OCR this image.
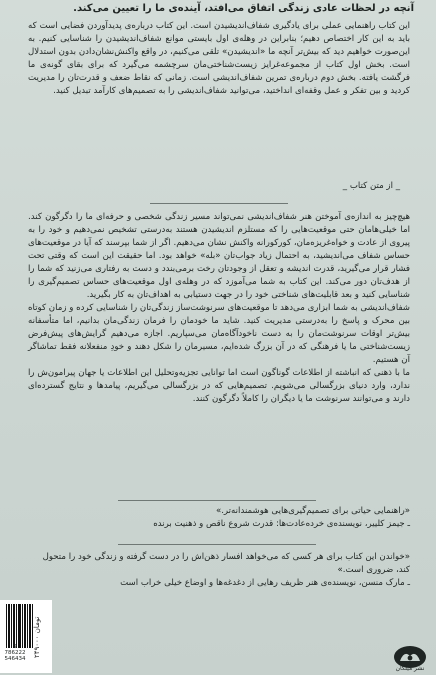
آنچه در لحظات عادی زندگی اتفاق می‌افتد، آینده‌ی ما را تعیین می‌کند.

این کتاب راهنمایی عملی برای یادگیری شفاف‌اندیشیدن است. این کتاب درباره‌ی پدیدآوردن فضایی است که باید به این کار اختصاص دهیم؛ بنابراین در وهله‌ی اول بایستی موانع شفاف‌اندیشیدن را شناسایی کنیم. به این‌صورت خواهیم دید که بیش‌تر آنچه ما «اندیشیدن» تلقی می‌کنیم، در واقع واکنش‌نشان‌دادن بدون استدلال است. بخش اول کتاب از مجموعه‌غرایز زیست‌شناختی‌مان سرچشمه می‌گیرد که برای بقای گونه‌ی ما فرگشت یافته. بخش دوم درباره‌ی تمرین شفاف‌اندیشی است. زمانی که نقاط ضعف و قدرت‌تان را مدیریت کردید و بین تفکر و عمل وقفه‌ای انداختید، می‌توانید شفاف‌اندیشی را به تصمیم‌های کارآمد تبدیل کنید.

_ از متن کتاب _

هیچ‌چیز به اندازه‌ی آموختن هنر شفاف‌اندیشی نمی‌تواند مسیر زندگی شخصی و حرفه‌ای ما را دگرگون کند. اما خیلی‌ها‌مان حتی موقعیت‌هایی را که مستلزم اندیشیدن هستند به‌درستی تشخیص نمی‌دهیم و خود را به پیروی از عادت و خواه‌غریزه‌مان، کورکورانه واکنش نشان می‌دهیم. اگر از شما بپرسند که آیا در موقعیت‌های حساس شفاف می‌اندیشید، به احتمال زیاد جواب‌تان «بله» خواهد بود. اما حقیقت این است که وقتی تحت فشار قرار می‌گیرید، قدرت اندیشه و تعقل از وجودتان رخت برمی‌بندد و دست به رفتاری می‌زنید که شما را از هدف‌تان دور می‌کند. این کتاب به شما می‌آموزد که در وهله‌ی اول موقعیت‌های حساس تصمیم‌گیری را شناسایی کنید و بعد قابلیت‌های شناختی خود را در جهت دستیابی به اهداف‌تان به کار بگیرید.

شفاف‌اندیشی به شما ابزاری می‌دهد تا موقعیت‌های سرنوشت‌ساز زندگی‌تان را شناسایی کرده و زمان کوتاه بین محرک و پاسخ را به‌درستی مدیریت کنید. شاید ما خودمان را فرمان زندگی‌مان بدانیم، اما متأسفانه بیش‌تر اوقات سرنوشت‌مان را به دست ناخودآگاه‌مان می‌سپاریم. اجازه می‌دهیم گرایش‌های پیش‌فرض زیست‌شناختی ما یا فرهنگی که در آن بزرگ شده‌ایم، مسیرمان را شکل دهند و خودِ منفعلانه فقط تماشاگر آن هستیم.

ما با ذهنی که انباشته از اطلاعات گوناگون است اما توانایی تجزیه‌وتحلیل این اطلاعات یا جهان پیرامون‌ش را ندارد، وارد دنیای بزرگسالی می‌شویم. تصمیم‌هایی که در بزرگسالی می‌گیریم، پیامدها و نتایج گسترده‌ای دارند و می‌توانند سرنوشت ما یا دیگران را کاملاً دگرگون کنند.

«راهنمایی حیاتی برای تصمیم‌گیری‌هایی هوشمندانه‌تر.»

ـ جیمز کلییر، نویسنده‌ی خرده‌عادت‌ها: قدرت شروع ناقص و ذهنیت برنده

«خواندن این کتاب برای هر کسی که می‌خواهد افسار ذهن‌اش را در دست گرفته و زندگی خود را متحول کند، ضروری است.»

ـ مارک منسن، نویسنده‌ی هنر ظریف رهایی از دغدغه‌ها و اوضاع خیلی خراب است

۲۴۹۰۰۰ تومان
9 786222 546434
نشر میلکان
